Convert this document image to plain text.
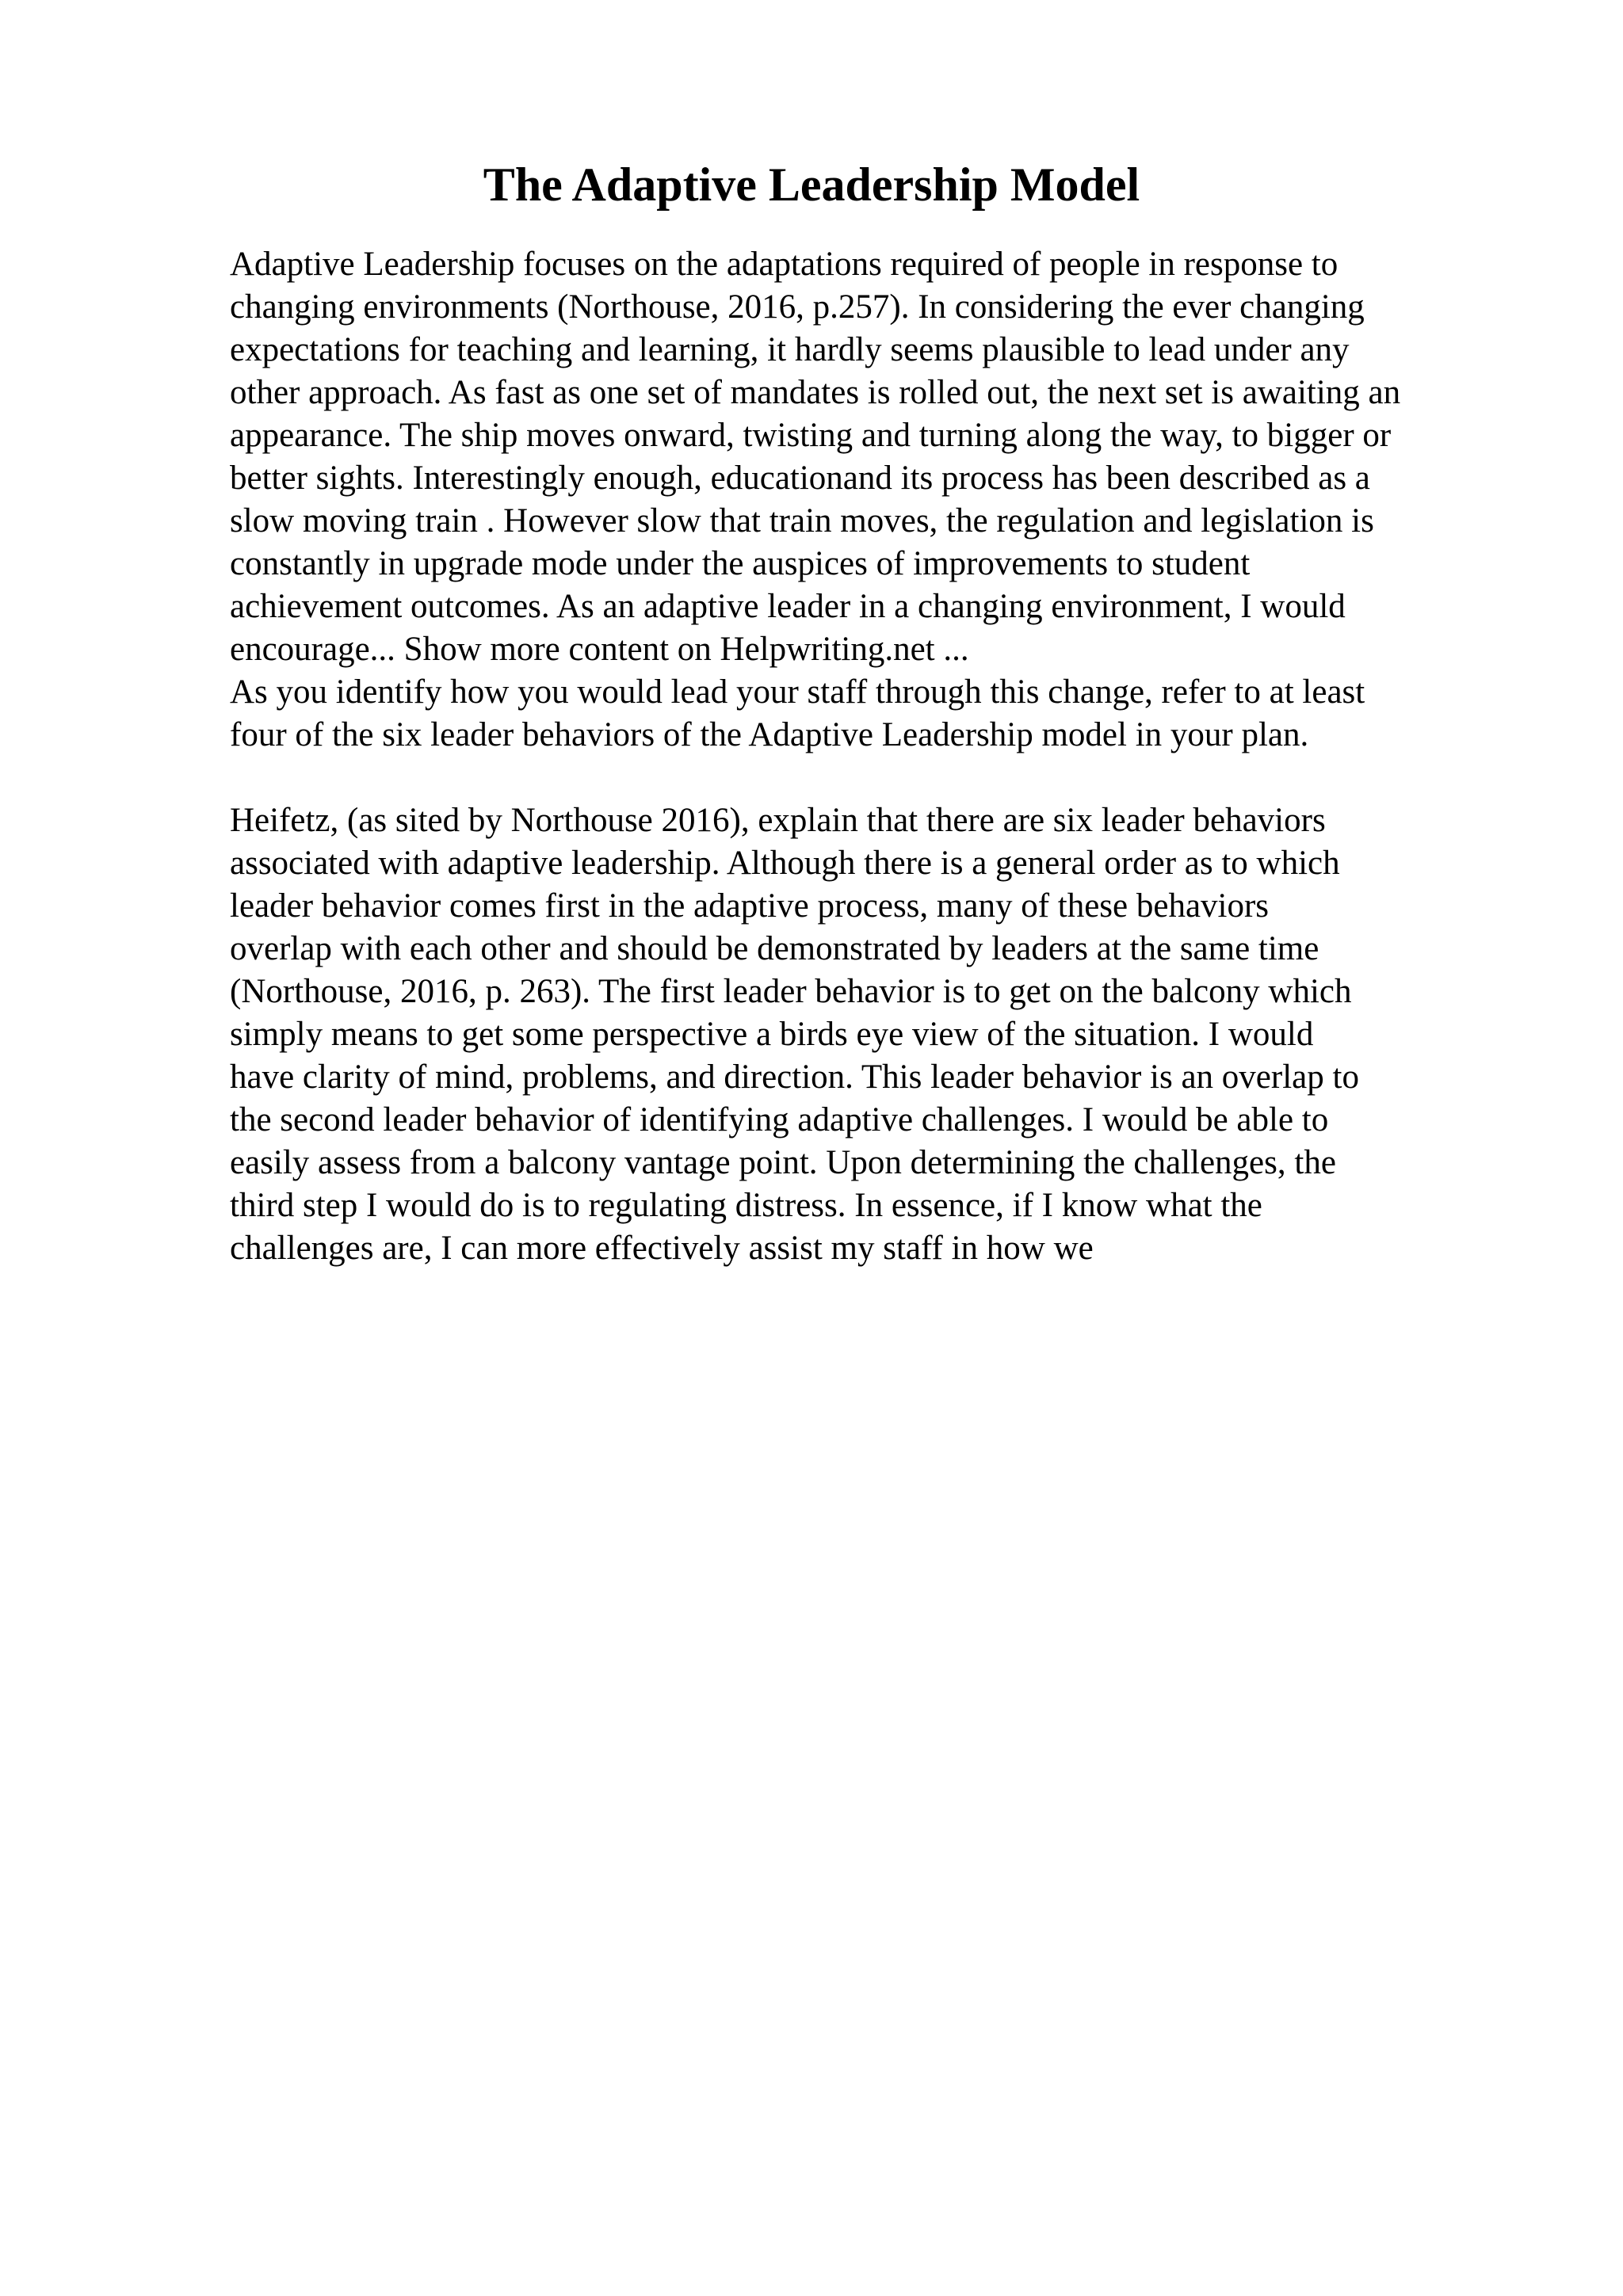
The Adaptive Leadership Model
Adaptive Leadership focuses on the adaptations required of people in response to
changing environments (Northouse, 2016, p.257). In considering the ever changing
expectations for teaching and learning, it hardly seems plausible to lead under any
other approach. As fast as one set of mandates is rolled out, the next set is awaiting an
appearance. The ship moves onward, twisting and turning along the way, to bigger or
better sights. Interestingly enough, educationand its process has been described as a
slow moving train . However slow that train moves, the regulation and legislation is
constantly in upgrade mode under the auspices of improvements to student
achievement outcomes. As an adaptive leader in a changing environment, I would
encourage... Show more content on Helpwriting.net ...
As you identify how you would lead your staff through this change, refer to at least
four of the six leader behaviors of the Adaptive Leadership model in your plan.
Heifetz, (as sited by Northouse 2016), explain that there are six leader behaviors
associated with adaptive leadership. Although there is a general order as to which
leader behavior comes first in the adaptive process, many of these behaviors
overlap with each other and should be demonstrated by leaders at the same time
(Northouse, 2016, p. 263). The first leader behavior is to get on the balcony which
simply means to get some perspective a birds eye view of the situation. I would
have clarity of mind, problems, and direction. This leader behavior is an overlap to
the second leader behavior of identifying adaptive challenges. I would be able to
easily assess from a balcony vantage point. Upon determining the challenges, the
third step I would do is to regulating distress. In essence, if I know what the
challenges are, I can more effectively assist my staff in how we
